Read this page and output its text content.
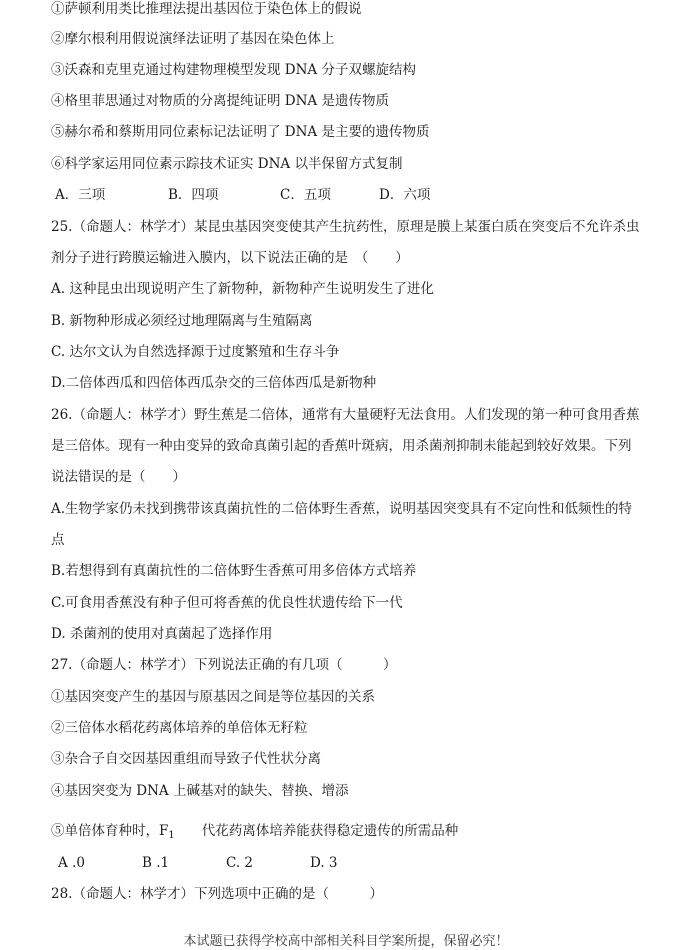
①萨顿利用类比推理法提出基因位于染色体上的假说
②摩尔根利用假说演绎法证明了基因在染色体上
③沃森和克里克通过构建物理模型发现 DNA 分子双螺旋结构
④格里菲思通过对物质的分离提纯证明 DNA 是遗传物质
⑤赫尔希和蔡斯用同位素标记法证明了 DNA 是主要的遗传物质
⑥科学家运用同位素示踪技术证实 DNA 以半保留方式复制
A．三项	B．四项	C．五项	D．六项
25.（命题人：林学才）某昆虫基因突变使其产生抗药性，原理是膜上某蛋白质在突变后不允许杀虫
剂分子进行跨膜运输进入膜内，以下说法正确的是　（　　）
A. 这种昆虫出现说明产生了新物种，新物种产生说明发生了进化
B. 新物种形成必须经过地理隔离与生殖隔离
C. 达尔文认为自然选择源于过度繁殖和生存斗争
D.二倍体西瓜和四倍体西瓜杂交的三倍体西瓜是新物种
26.（命题人：林学才）野生蕉是二倍体，通常有大量硬籽无法食用。人们发现的第一种可食用香蕉
是三倍体。现有一种由变异的致命真菌引起的香蕉叶斑病，用杀菌剂抑制未能起到较好效果。下列
说法错误的是（　　）
A.生物学家仍未找到携带该真菌抗性的二倍体野生香蕉，说明基因突变具有不定向性和低频性的特
点
B.若想得到有真菌抗性的二倍体野生香蕉可用多倍体方式培养
C.可食用香蕉没有种子但可将香蕉的优良性状遗传给下一代
D. 杀菌剂的使用对真菌起了选择作用
27.（命题人：林学才）下列说法正确的有几项（　　　）
①基因突变产生的基因与原基因之间是等位基因的关系
②三倍体水稻花药离体培养的单倍体无籽粒
③杂合子自交因基因重组而导致子代性状分离
④基因突变为 DNA 上碱基对的缺失、替换、增添
⑤单倍体育种时，$F_1$　　代花药离体培养能获得稳定遗传的所需品种
A .0	B .1	C. 2	D. 3
28.（命题人：林学才）下列选项中正确的是（　　　）
本试题已获得学校高中部相关科目学案所提，保留必究！
